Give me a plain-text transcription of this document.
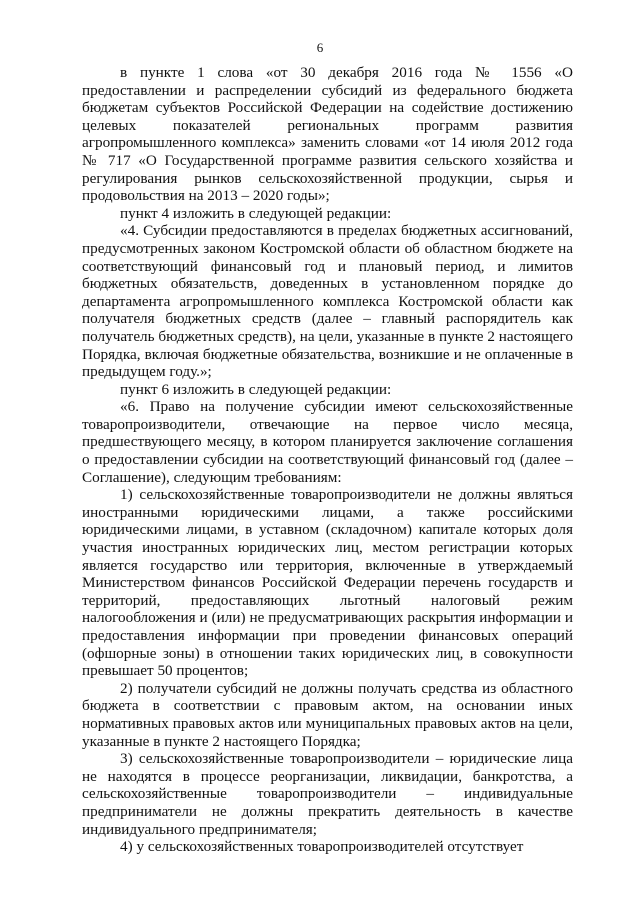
6

в пункте 1 слова «от 30 декабря 2016 года № 1556 «О предоставлении и распределении субсидий из федерального бюджета бюджетам субъектов Российской Федерации на содействие достижению целевых показателей региональных программ развития агропромышленного комплекса» заменить словами «от 14 июля 2012 года № 717 «О Государственной программе развития сельского хозяйства и регулирования рынков сельскохозяйственной продукции, сырья и продовольствия на 2013 – 2020 годы»;

пункт 4 изложить в следующей редакции:

«4. Субсидии предоставляются в пределах бюджетных ассигнований, предусмотренных законом Костромской области об областном бюджете на соответствующий финансовый год и плановый период, и лимитов бюджетных обязательств, доведенных в установленном порядке до департамента агропромышленного комплекса Костромской области как получателя бюджетных средств (далее – главный распорядитель как получатель бюджетных средств), на цели, указанные в пункте 2 настоящего Порядка, включая бюджетные обязательства, возникшие и не оплаченные в предыдущем году.»;

пункт 6 изложить в следующей редакции:

«6. Право на получение субсидии имеют сельскохозяйственные товаропроизводители, отвечающие на первое число месяца, предшествующего месяцу, в котором планируется заключение соглашения о предоставлении субсидии на соответствующий финансовый год (далее – Соглашение), следующим требованиям:

1) сельскохозяйственные товаропроизводители не должны являться иностранными юридическими лицами, а также российскими юридическими лицами, в уставном (складочном) капитале которых доля участия иностранных юридических лиц, местом регистрации которых является государство или территория, включенные в утверждаемый Министерством финансов Российской Федерации перечень государств и территорий, предоставляющих льготный налоговый режим налогообложения и (или) не предусматривающих раскрытия информации и предоставления информации при проведении финансовых операций (офшорные зоны) в отношении таких юридических лиц, в совокупности превышает 50 процентов;

2) получатели субсидий не должны получать средства из областного бюджета в соответствии с правовым актом, на основании иных нормативных правовых актов или муниципальных правовых актов на цели, указанные в пункте 2 настоящего Порядка;

3) сельскохозяйственные товаропроизводители – юридические лица не находятся в процессе реорганизации, ликвидации, банкротства, а сельскохозяйственные товаропроизводители – индивидуальные предприниматели не должны прекратить деятельность в качестве индивидуального предпринимателя;

4) у сельскохозяйственных товаропроизводителей отсутствует
